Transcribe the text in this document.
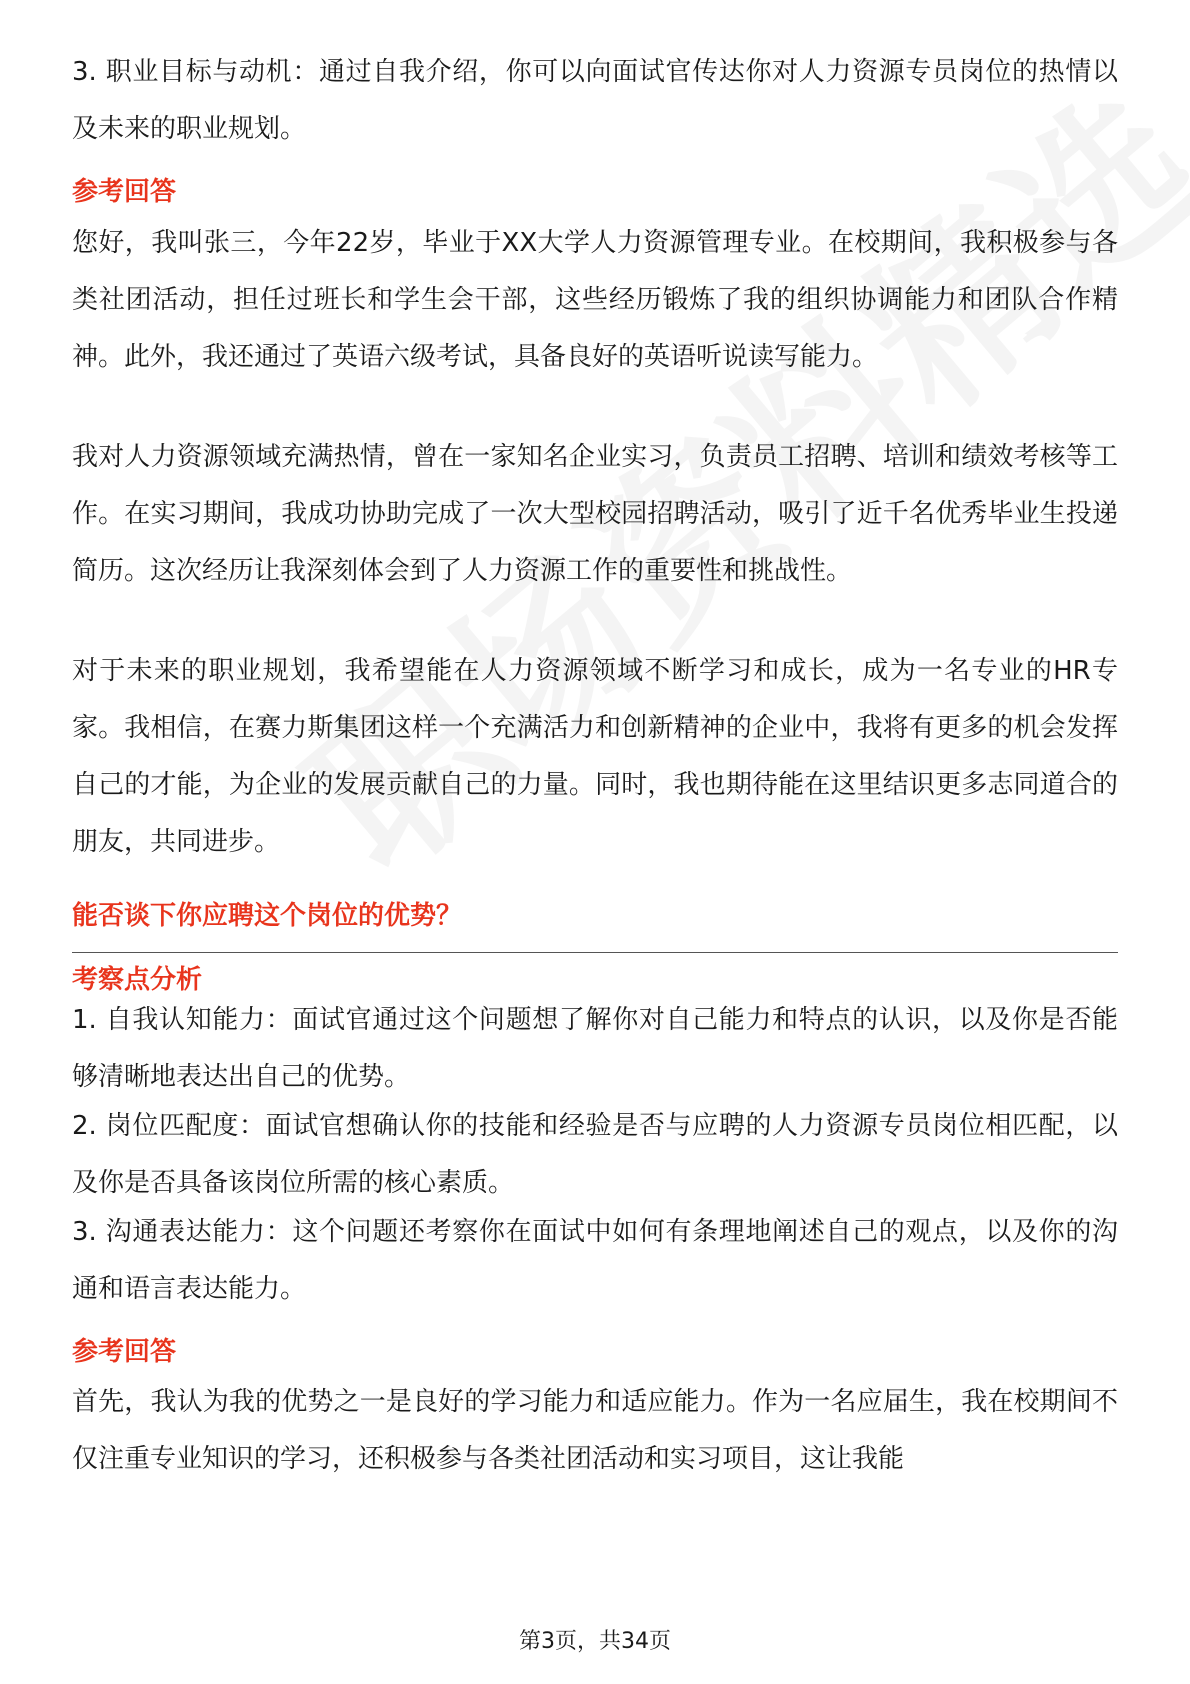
3. 职业目标与动机：通过自我介绍，你可以向面试官传达你对人力资源专员岗位的热情以及未来的职业规划。

参考回答

您好，我叫张三，今年22岁，毕业于XX大学人力资源管理专业。在校期间，我积极参与各类社团活动，担任过班长和学生会干部，这些经历锻炼了我的组织协调能力和团队合作精神。此外，我还通过了英语六级考试，具备良好的英语听说读写能力。

我对人力资源领域充满热情，曾在一家知名企业实习，负责员工招聘、培训和绩效考核等工作。在实习期间，我成功协助完成了一次大型校园招聘活动，吸引了近千名优秀毕业生投递简历。这次经历让我深刻体会到了人力资源工作的重要性和挑战性。

对于未来的职业规划，我希望能在人力资源领域不断学习和成长，成为一名专业的HR专家。我相信，在赛力斯集团这样一个充满活力和创新精神的企业中，我将有更多的机会发挥自己的才能，为企业的发展贡献自己的力量。同时，我也期待能在这里结识更多志同道合的朋友，共同进步。

能否谈下你应聘这个岗位的优势？

考察点分析

1. 自我认知能力：面试官通过这个问题想了解你对自己能力和特点的认识，以及你是否能够清晰地表达出自己的优势。

2. 岗位匹配度：面试官想确认你的技能和经验是否与应聘的人力资源专员岗位相匹配，以及你是否具备该岗位所需的核心素质。

3. 沟通表达能力：这个问题还考察你在面试中如何有条理地阐述自己的观点，以及你的沟通和语言表达能力。

参考回答

首先，我认为我的优势之一是良好的学习能力和适应能力。作为一名应届生，我在校期间不仅注重专业知识的学习，还积极参与各类社团活动和实习项目，这让我能

第3页，共34页
